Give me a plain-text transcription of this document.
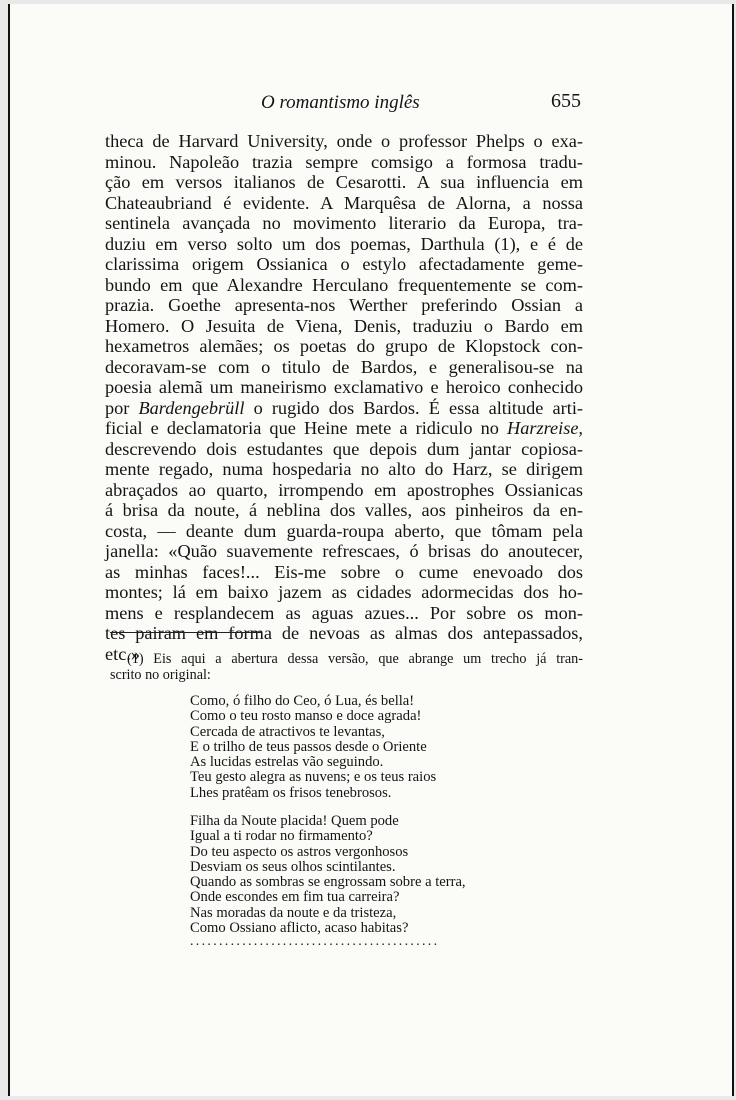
O romantismo inglês	655
theca de Harvard University, onde o professor Phelps o exa-
minou. Napoleão trazia sempre comsigo a formosa tradu-
ção em versos italianos de Cesarotti. A sua influencia em
Chateaubriand é evidente. A Marquêsa de Alorna, a nossa
sentinela avançada no movimento literario da Europa, tra-
duziu em verso solto um dos poemas, Darthula (1), e é de
clarissima origem Ossianica o estylo afectadamente geme-
bundo em que Alexandre Herculano frequentemente se com-
prazia. Goethe apresenta-nos Werther preferindo Ossian a
Homero. O Jesuita de Viena, Denis, traduziu o Bardo em
hexametros alemães; os poetas do grupo de Klopstock con-
decoravam-se com o titulo de Bardos, e generalisou-se na
poesia alemã um maneirismo exclamativo e heroico conhecido
por Bardengebrüll o rugido dos Bardos. É essa altitude arti-
ficial e declamatoria que Heine mete a ridiculo no Harzreise,
descrevendo dois estudantes que depois dum jantar copiosa-
mente regado, numa hospedaria no alto do Harz, se dirigem
abraçados ao quarto, irrompendo em apostrophes Ossianicas
á brisa da noute, á neblina dos valles, aos pinheiros da en-
costa, — deante dum guarda-roupa aberto, que tômam pela
janella: «Quão suavemente refrescaes, ó brisas do anoutecer,
as minhas faces!... Eis-me sobre o cume enevoado dos
montes; lá em baixo jazem as cidades adormecidas dos ho-
mens e resplandecem as aguas azues... Por sobre os mon-
tes pairam em forma de nevoas as almas dos antepassados,
etc.»
(1) Eis aqui a abertura dessa versão, que abrange um trecho já tran-
scrito no original:
Como, ó filho do Ceo, ó Lua, és bella!
Como o teu rosto manso e doce agrada!
Cercada de atractivos te levantas,
E o trilho de teus passos desde o Oriente
As lucidas estrelas vão seguindo.
Teu gesto alegra as nuvens; e os teus raios
Lhes pratêam os frisos tenebrosos.
Filha da Noute placida! Quem pode
Igual a ti rodar no firmamento?
Do teu aspecto os astros vergonhosos
Desviam os seus olhos scintilantes.
Quando as sombras se engrossam sobre a terra,
Onde escondes em fim tua carreira?
Nas moradas da noute e da tristeza,
Como Ossiano aflicto, acaso habitas?
...........................................
